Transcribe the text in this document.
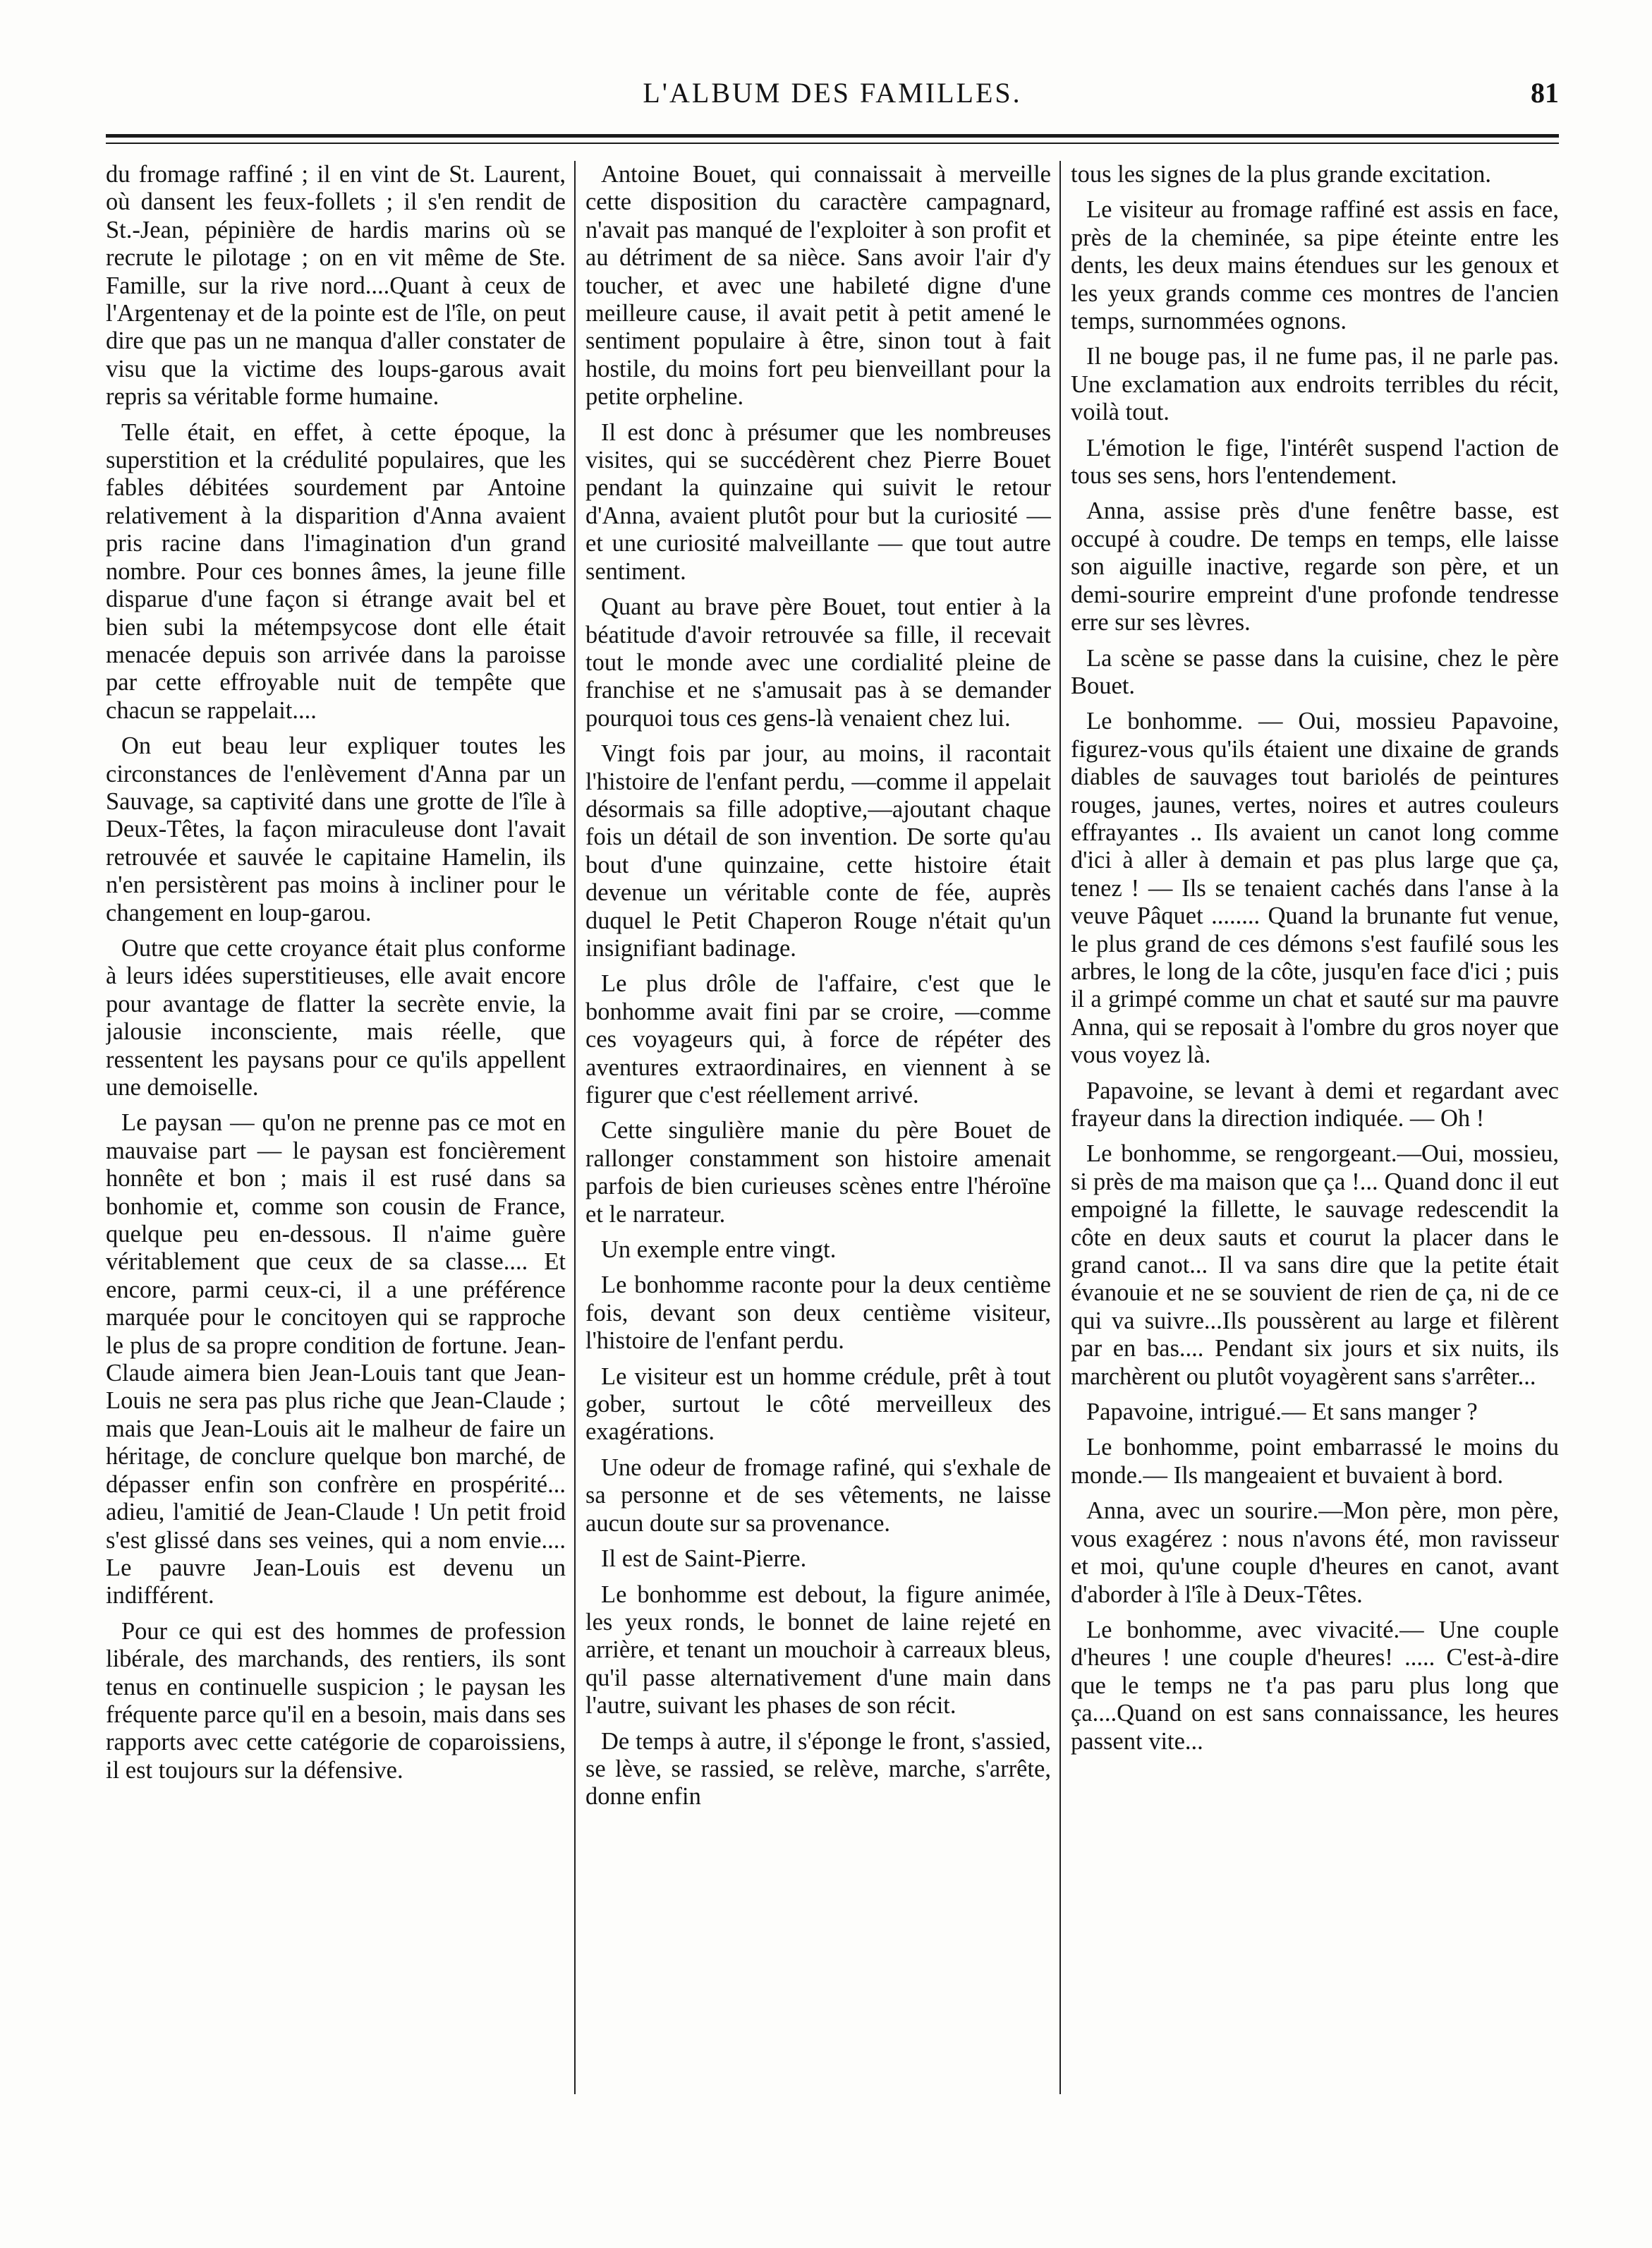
L'ALBUM DES FAMILLES.	81

du fromage raffiné ; il en vint de St. Laurent, où dansent les feux-follets ; il s'en rendit de St.-Jean, pépinière de hardis marins où se recrute le pilotage ; on en vit même de Ste. Famille, sur la rive nord....Quant à ceux de l'Argentenay et de la pointe est de l'île, on peut dire que pas un ne manqua d'aller constater de visu que la victime des loups-garous avait repris sa véritable forme humaine.

Telle était, en effet, à cette époque, la superstition et la crédulité populaires, que les fables débitées sourdement par Antoine relativement à la disparition d'Anna avaient pris racine dans l'imagination d'un grand nombre. Pour ces bonnes âmes, la jeune fille disparue d'une façon si étrange avait bel et bien subi la métempsycose dont elle était menacée depuis son arrivée dans la paroisse par cette effroyable nuit de tempête que chacun se rappelait....

On eut beau leur expliquer toutes les circonstances de l'enlèvement d'Anna par un Sauvage, sa captivité dans une grotte de l'île à Deux-Têtes, la façon miraculeuse dont l'avait retrouvée et sauvée le capitaine Hamelin, ils n'en persistèrent pas moins à incliner pour le changement en loup-garou.

Outre que cette croyance était plus conforme à leurs idées superstitieuses, elle avait encore pour avantage de flatter la secrète envie, la jalousie inconsciente, mais réelle, que ressentent les paysans pour ce qu'ils appellent une demoiselle.

Le paysan — qu'on ne prenne pas ce mot en mauvaise part — le paysan est foncièrement honnête et bon ; mais il est rusé dans sa bonhomie et, comme son cousin de France, quelque peu en-dessous. Il n'aime guère véritablement que ceux de sa classe.... Et encore, parmi ceux-ci, il a une préférence marquée pour le concitoyen qui se rapproche le plus de sa propre condition de fortune. Jean-Claude aimera bien Jean-Louis tant que Jean-Louis ne sera pas plus riche que Jean-Claude ; mais que Jean-Louis ait le malheur de faire un héritage, de conclure quelque bon marché, de dépasser enfin son confrère en prospérité... adieu, l'amitié de Jean-Claude ! Un petit froid s'est glissé dans ses veines, qui a nom envie.... Le pauvre Jean-Louis est devenu un indifférent.

Pour ce qui est des hommes de profession libérale, des marchands, des rentiers, ils sont tenus en continuelle suspicion ; le paysan les fréquente parce qu'il en a besoin, mais dans ses rapports avec cette catégorie de coparoissiens, il est toujours sur la défensive.

Antoine Bouet, qui connaissait à merveille cette disposition du caractère campagnard, n'avait pas manqué de l'exploiter à son profit et au détriment de sa nièce. Sans avoir l'air d'y toucher, et avec une habileté digne d'une meilleure cause, il avait petit à petit amené le sentiment populaire à être, sinon tout à fait hostile, du moins fort peu bienveillant pour la petite orpheline.

Il est donc à présumer que les nombreuses visites, qui se succédèrent chez Pierre Bouet pendant la quinzaine qui suivit le retour d'Anna, avaient plutôt pour but la curiosité — et une curiosité malveillante — que tout autre sentiment.

Quant au brave père Bouet, tout entier à la béatitude d'avoir retrouvée sa fille, il recevait tout le monde avec une cordialité pleine de franchise et ne s'amusait pas à se demander pourquoi tous ces gens-là venaient chez lui.

Vingt fois par jour, au moins, il racontait l'histoire de l'enfant perdu, —comme il appelait désormais sa fille adoptive,—ajoutant chaque fois un détail de son invention. De sorte qu'au bout d'une quinzaine, cette histoire était devenue un véritable conte de fée, auprès duquel le Petit Chaperon Rouge n'était qu'un insignifiant badinage.

Le plus drôle de l'affaire, c'est que le bonhomme avait fini par se croire, —comme ces voyageurs qui, à force de répéter des aventures extraordinaires, en viennent à se figurer que c'est réellement arrivé.

Cette singulière manie du père Bouet de rallonger constamment son histoire amenait parfois de bien curieuses scènes entre l'héroïne et le narrateur.

Un exemple entre vingt.

Le bonhomme raconte pour la deux centième fois, devant son deux centième visiteur, l'histoire de l'enfant perdu.

Le visiteur est un homme crédule, prêt à tout gober, surtout le côté merveilleux des exagérations.

Une odeur de fromage rafiné, qui s'exhale de sa personne et de ses vêtements, ne laisse aucun doute sur sa provenance.

Il est de Saint-Pierre.

Le bonhomme est debout, la figure animée, les yeux ronds, le bonnet de laine rejeté en arrière, et tenant un mouchoir à carreaux bleus, qu'il passe alternativement d'une main dans l'autre, suivant les phases de son récit.

De temps à autre, il s'éponge le front, s'assied, se lève, se rassied, se relève, marche, s'arrête, donne enfin

tous les signes de la plus grande excitation.

Le visiteur au fromage raffiné est assis en face, près de la cheminée, sa pipe éteinte entre les dents, les deux mains étendues sur les genoux et les yeux grands comme ces montres de l'ancien temps, surnommées ognons.

Il ne bouge pas, il ne fume pas, il ne parle pas. Une exclamation aux endroits terribles du récit, voilà tout.

L'émotion le fige, l'intérêt suspend l'action de tous ses sens, hors l'entendement.

Anna, assise près d'une fenêtre basse, est occupé à coudre. De temps en temps, elle laisse son aiguille inactive, regarde son père, et un demi-sourire empreint d'une profonde tendresse erre sur ses lèvres.

La scène se passe dans la cuisine, chez le père Bouet.

Le bonhomme. — Oui, mossieu Papavoine, figurez-vous qu'ils étaient une dixaine de grands diables de sauvages tout bariolés de peintures rouges, jaunes, vertes, noires et autres couleurs effrayantes .. Ils avaient un canot long comme d'ici à aller à demain et pas plus large que ça, tenez ! — Ils se tenaient cachés dans l'anse à la veuve Pâquet ........ Quand la brunante fut venue, le plus grand de ces démons s'est faufilé sous les arbres, le long de la côte, jusqu'en face d'ici ; puis il a grimpé comme un chat et sauté sur ma pauvre Anna, qui se reposait à l'ombre du gros noyer que vous voyez là.

Papavoine, se levant à demi et regardant avec frayeur dans la direction indiquée. — Oh !

Le bonhomme, se rengorgeant.—Oui, mossieu, si près de ma maison que ça !... Quand donc il eut empoigné la fillette, le sauvage redescendit la côte en deux sauts et courut la placer dans le grand canot... Il va sans dire que la petite était évanouie et ne se souvient de rien de ça, ni de ce qui va suivre...Ils poussèrent au large et filèrent par en bas.... Pendant six jours et six nuits, ils marchèrent ou plutôt voyagèrent sans s'arrêter...

Papavoine, intrigué.— Et sans manger ?

Le bonhomme, point embarrassé le moins du monde.— Ils mangeaient et buvaient à bord.

Anna, avec un sourire.—Mon père, mon père, vous exagérez : nous n'avons été, mon ravisseur et moi, qu'une couple d'heures en canot, avant d'aborder à l'île à Deux-Têtes.

Le bonhomme, avec vivacité.— Une couple d'heures ! une couple d'heures! ..... C'est-à-dire que le temps ne t'a pas paru plus long que ça....Quand on est sans connaissance, les heures passent vite...
